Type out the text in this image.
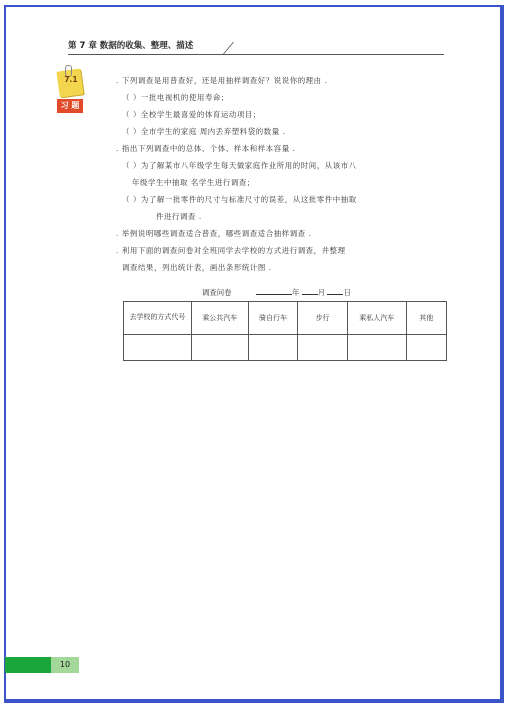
第 7 章 数据的收集、整理、描述
7.1
习 题
. 下列调查是用普查好，还是用抽样调查好？说说你的理由 .
（ ）一批电视机的使用寿命；
（ ）全校学生最喜爱的体育运动项目；
（ ）全市学生的家庭 周内丢弃塑料袋的数量 .
. 指出下列调查中的总体、个体、样本和样本容量 .
（ ）为了解某市八年级学生每天做家庭作业所用的时间，从该市八
年级学生中抽取 名学生进行调查；
（ ）为了解一批零件的尺寸与标准尺寸的误差，从这批零件中抽取
件进行调查 .
. 举例说明哪些调查适合普查，哪些调查适合抽样调查 .
. 利用下面的调查问卷对全班同学去学校的方式进行调查，并整理
调查结果，列出统计表，画出条形统计图 .
调查问卷	年 月 日
去学校的方式代号	乘公共汽车	骑自行车	步行	乘私人汽车	其他

10
